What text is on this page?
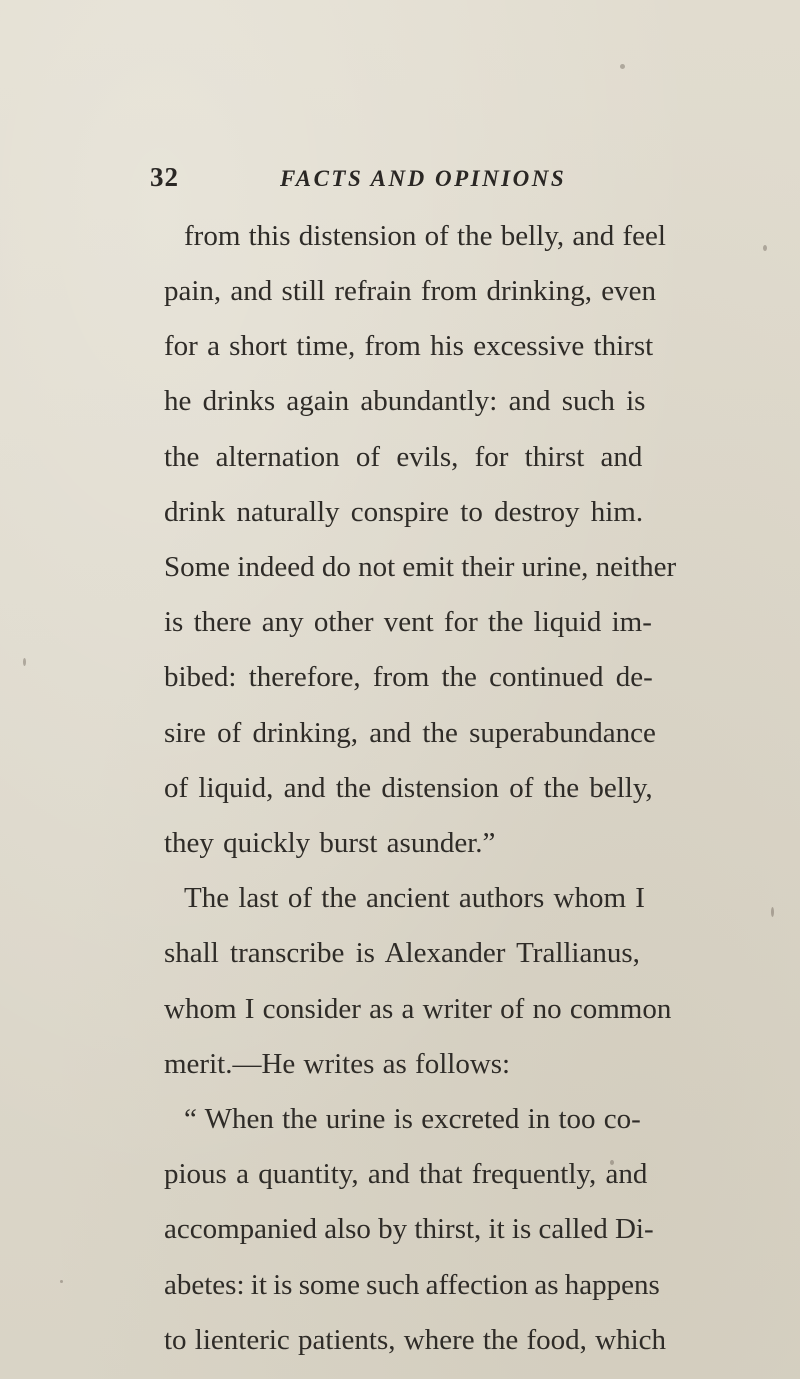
32	FACTS AND OPINIONS
from this distension of the belly, and feel
pain, and still refrain from drinking, even
for a short time, from his excessive thirst
he drinks again abundantly: and such is
the alternation of evils, for thirst and
drink naturally conspire to destroy him.
Some indeed do not emit their urine, neither
is there any other vent for the liquid im-
bibed: therefore, from the continued de-
sire of drinking, and the superabundance
of liquid, and the distension of the belly,
they quickly burst asunder.”
The last of the ancient authors whom I
shall transcribe is Alexander Trallianus,
whom I consider as a writer of no common
merit.—He writes as follows:
“ When the urine is excreted in too co-
pious a quantity, and that frequently, and
accompanied also by thirst, it is called Di-
abetes: it is some such affection as happens
to lienteric patients, where the food, which
